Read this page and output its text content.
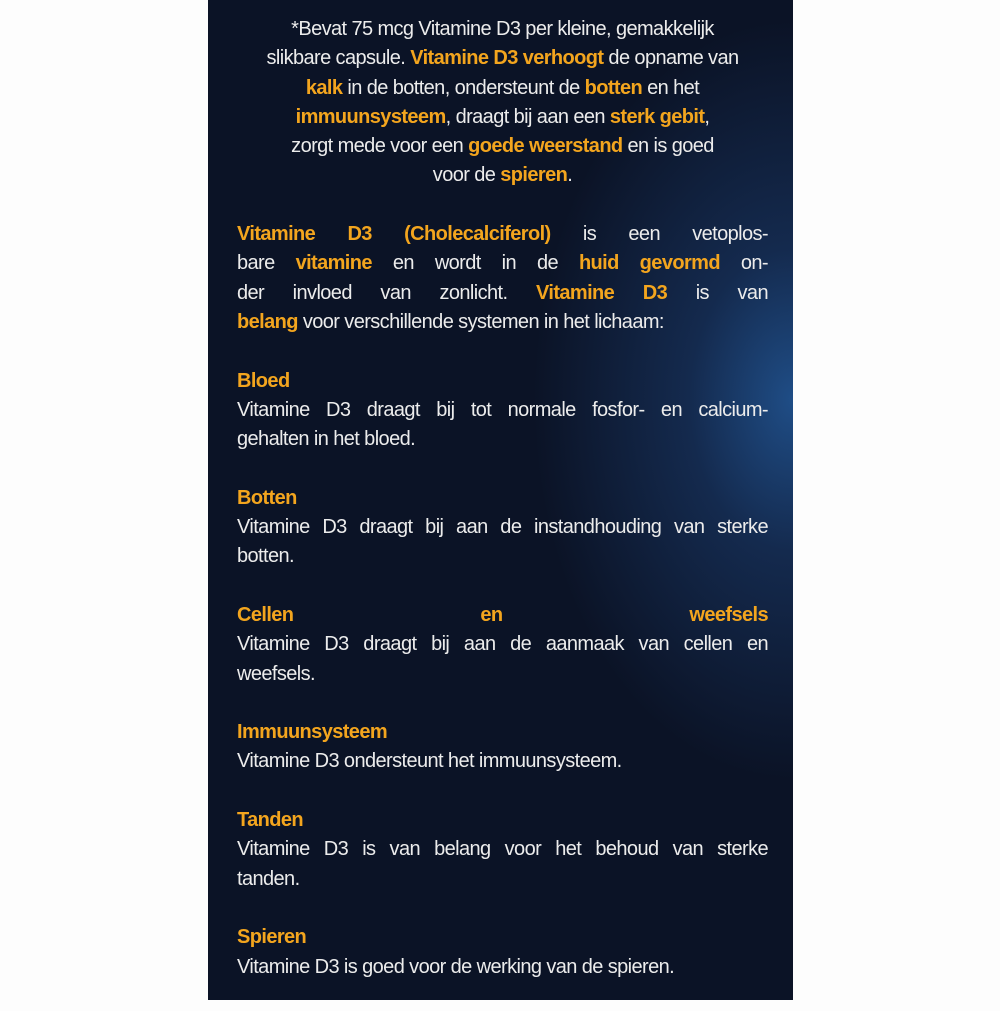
*Bevat 75 mcg Vitamine D3 per kleine, gemakkelijk
slikbare capsule. Vitamine D3 verhoogt de opname van
kalk in de botten, ondersteunt de botten en het
immuunsysteem, draagt bij aan een sterk gebit,
zorgt mede voor een goede weerstand en is goed
voor de spieren.
Vitamine D3 (Cholecalciferol) is een vetoplos-
bare vitamine en wordt in de huid gevormd on-
der invloed van zonlicht. Vitamine D3 is van
belang voor verschillende systemen in het lichaam:
Bloed
Vitamine D3 draagt bij tot normale fosfor- en calcium-
gehalten in het bloed.
Botten
Vitamine D3 draagt bij aan de instandhouding van sterke
botten.
Cellen en weefsels
Vitamine D3 draagt bij aan de aanmaak van cellen en
weefsels.
Immuunsysteem
Vitamine D3 ondersteunt het immuunsysteem.
Tanden
Vitamine D3 is van belang voor het behoud van sterke
tanden.
Spieren
Vitamine D3 is goed voor de werking van de spieren.
